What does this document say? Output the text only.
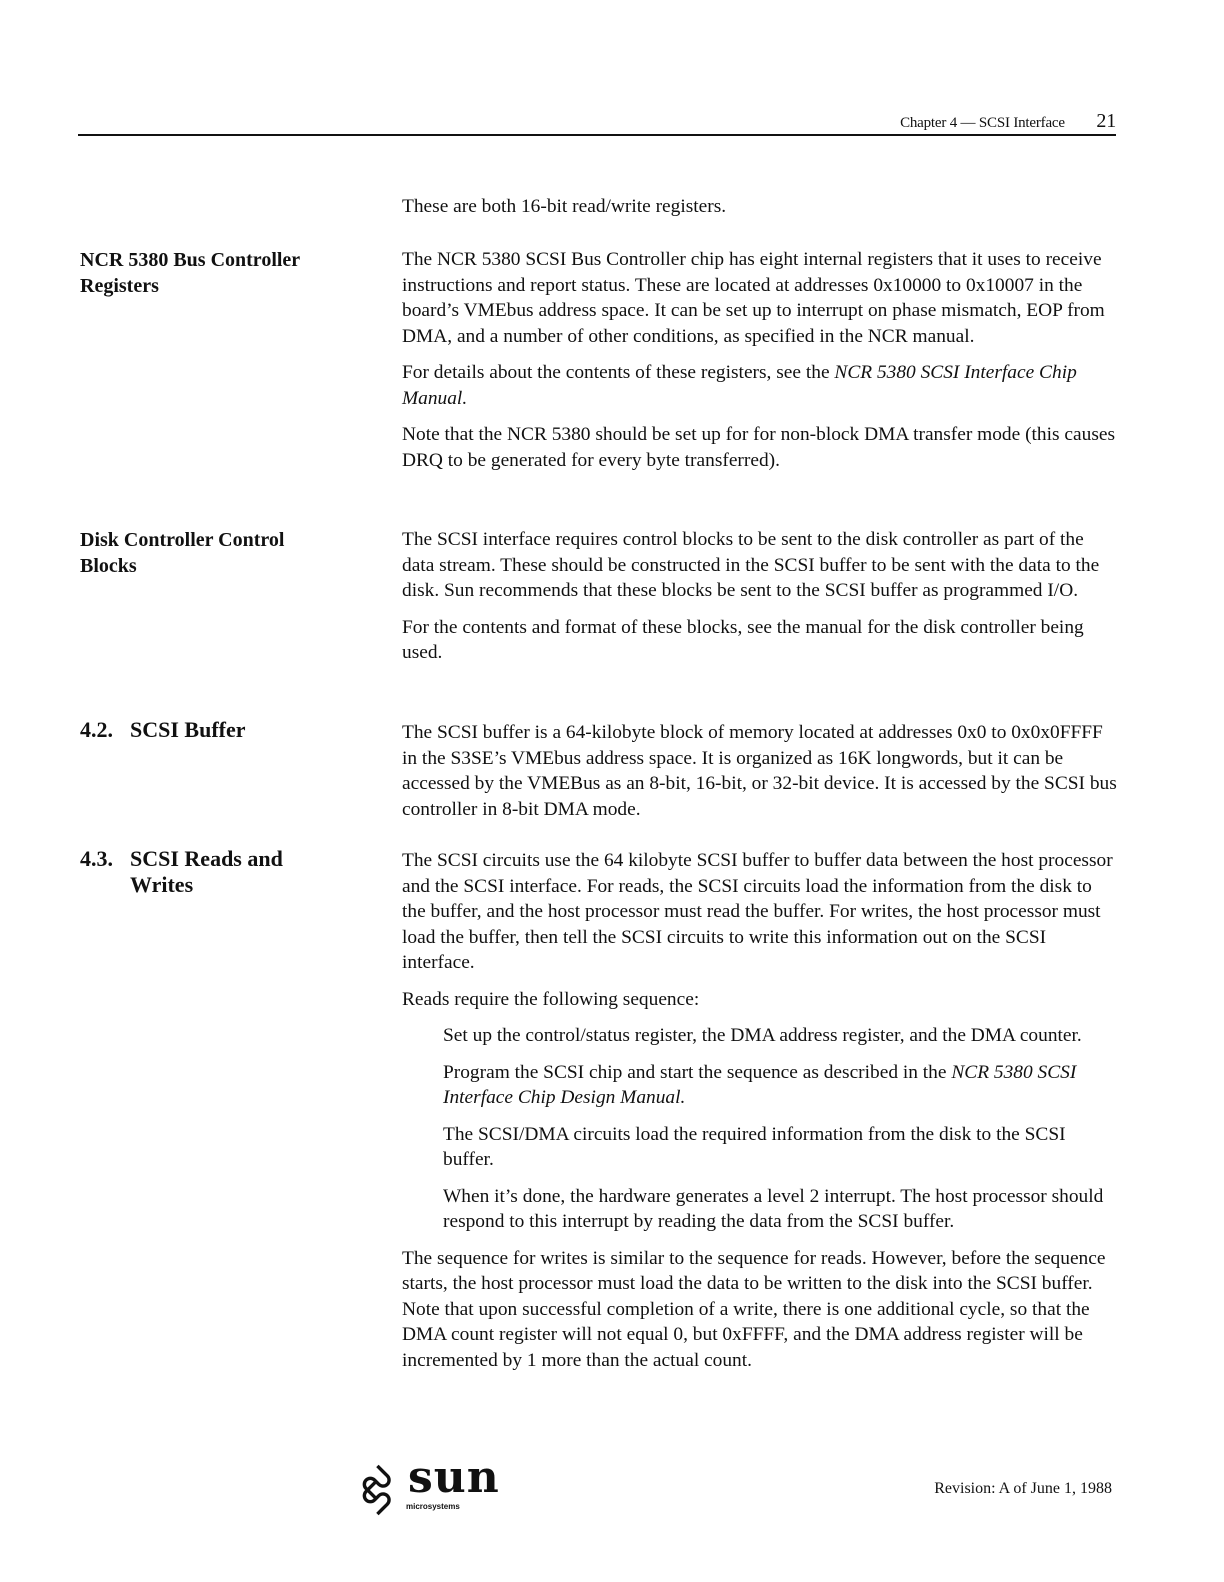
Chapter 4 — SCSI Interface 21

These are both 16-bit read/write registers.

NCR 5380 Bus Controller
Registers

The NCR 5380 SCSI Bus Controller chip has eight internal registers that it uses to receive instructions and report status. These are located at addresses 0x10000 to 0x10007 in the board’s VMEbus address space. It can be set up to interrupt on phase mismatch, EOP from DMA, and a number of other conditions, as specified in the NCR manual.

For details about the contents of these registers, see the NCR 5380 SCSI Interface Chip Manual.

Note that the NCR 5380 should be set up for for non-block DMA transfer mode (this causes DRQ to be generated for every byte transferred).

Disk Controller Control
Blocks

The SCSI interface requires control blocks to be sent to the disk controller as part of the data stream. These should be constructed in the SCSI buffer to be sent with the data to the disk. Sun recommends that these blocks be sent to the SCSI buffer as programmed I/O.

For the contents and format of these blocks, see the manual for the disk controller being used.

4.2. SCSI Buffer	The SCSI buffer is a 64-kilobyte block of memory located at addresses 0x0 to 0x0x0FFFF in the S3SE’s VMEbus address space. It is organized as 16K longwords, but it can be accessed by the VMEBus as an 8-bit, 16-bit, or 32-bit device. It is accessed by the SCSI bus controller in 8-bit DMA mode.

4.3. SCSI Reads and
Writes

The SCSI circuits use the 64 kilobyte SCSI buffer to buffer data between the host processor and the SCSI interface. For reads, the SCSI circuits load the information from the disk to the buffer, and the host processor must read the buffer. For writes, the host processor must load the buffer, then tell the SCSI circuits to write this information out on the SCSI interface.

Reads require the following sequence:

Set up the control/status register, the DMA address register, and the DMA counter.

Program the SCSI chip and start the sequence as described in the NCR 5380 SCSI Interface Chip Design Manual.

The SCSI/DMA circuits load the required information from the disk to the SCSI buffer.

When it’s done, the hardware generates a level 2 interrupt. The host processor should respond to this interrupt by reading the data from the SCSI buffer.

The sequence for writes is similar to the sequence for reads. However, before the sequence starts, the host processor must load the data to be written to the disk into the SCSI buffer. Note that upon successful completion of a write, there is one additional cycle, so that the DMA count register will not equal 0, but 0xFFFF, and the DMA address register will be incremented by 1 more than the actual count.

sun
microsystems
Revision: A of June 1, 1988
